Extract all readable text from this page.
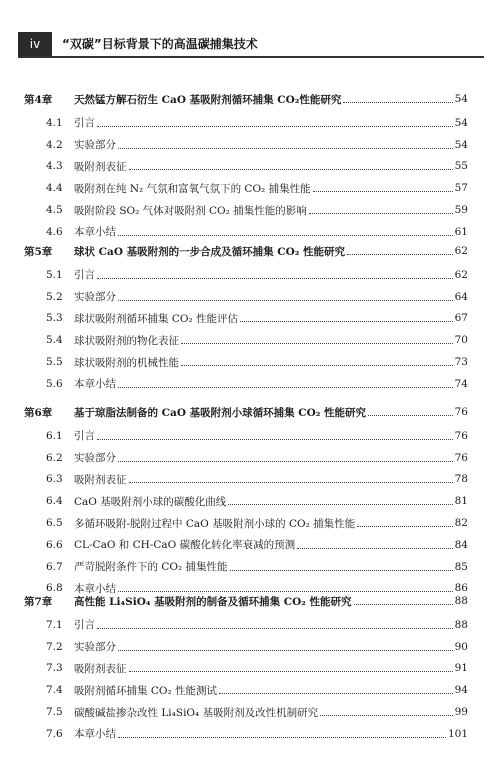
iv	“双碳”目标背景下的高温碳捕集技术
第4章 天然锰方解石衍生 CaO 基吸附剂循环捕集 CO₂性能研究	54
4.1 引言	54
4.2 实验部分	54
4.3 吸附剂表征	55
4.4 吸附剂在纯 N₂ 气氛和富氧气氛下的 CO₂ 捕集性能	57
4.5 吸附阶段 SO₂ 气体对吸附剂 CO₂ 捕集性能的影响	59
4.6 本章小结	61
第5章 球状 CaO 基吸附剂的一步合成及循环捕集 CO₂ 性能研究	62
5.1 引言	62
5.2 实验部分	64
5.3 球状吸附剂循环捕集 CO₂ 性能评估	67
5.4 球状吸附剂的物化表征	70
5.5 球状吸附剂的机械性能	73
5.6 本章小结	74
第6章 基于琼脂法制备的 CaO 基吸附剂小球循环捕集 CO₂ 性能研究	76
6.1 引言	76
6.2 实验部分	76
6.3 吸附剂表征	78
6.4 CaO 基吸附剂小球的碳酸化曲线	81
6.5 多循环吸附-脱附过程中 CaO 基吸附剂小球的 CO₂ 捕集性能	82
6.6 CL-CaO 和 CH-CaO 碳酸化转化率衰减的预测	84
6.7 严苛脱附条件下的 CO₂ 捕集性能	85
6.8 本章小结	86
第7章 高性能 Li₄SiO₄ 基吸附剂的制备及循环捕集 CO₂ 性能研究	88
7.1 引言	88
7.2 实验部分	90
7.3 吸附剂表征	91
7.4 吸附剂循环捕集 CO₂ 性能测试	94
7.5 碳酸碱盐掺杂改性 Li₄SiO₄ 基吸附剂及改性机制研究	99
7.6 本章小结	101
